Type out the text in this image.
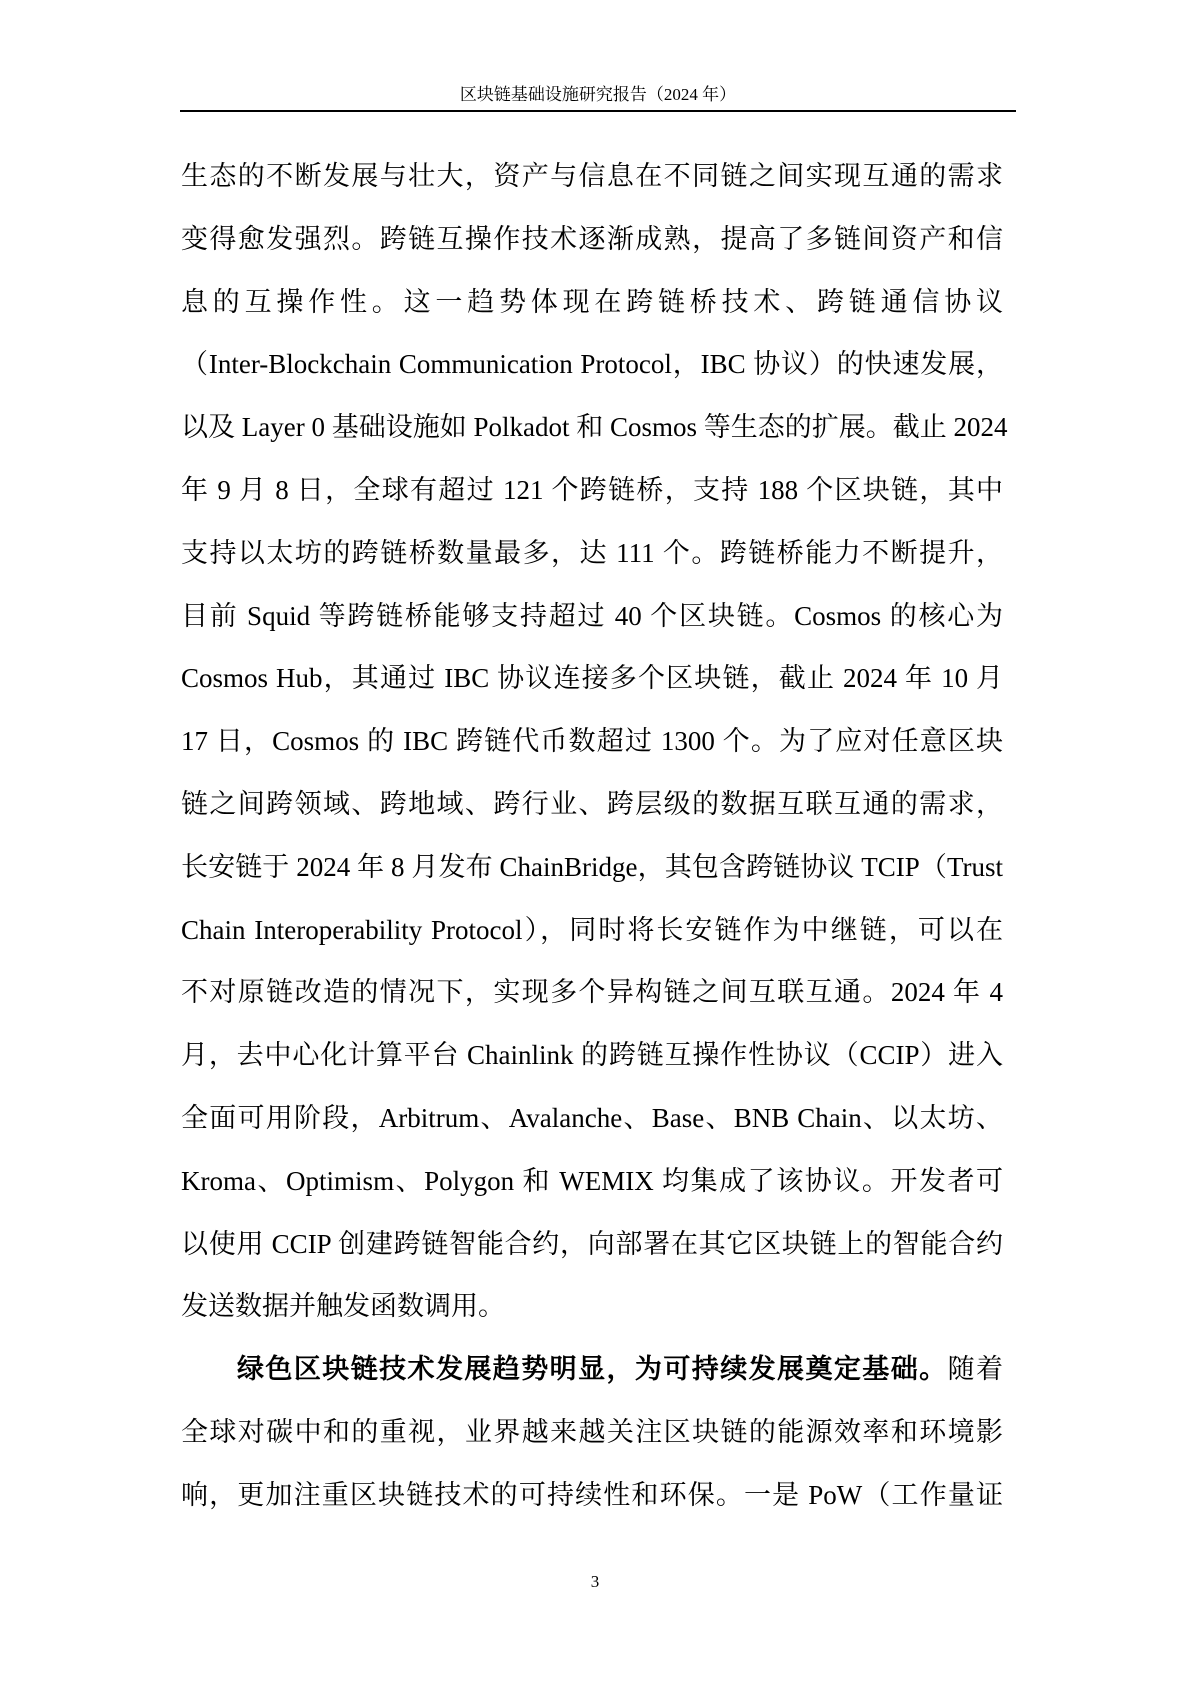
区块链基础设施研究报告（2024 年）
生态的不断发展与壮大，资产与信息在不同链之间实现互通的需求
变得愈发强烈。跨链互操作技术逐渐成熟，提高了多链间资产和信
息的互操作性。这一趋势体现在跨链桥技术、跨链通信协议
（Inter-Blockchain Communication Protocol，IBC 协议）的快速发展，
以及 Layer 0 基础设施如 Polkadot 和 Cosmos 等生态的扩展。截止 2024
年 9 月 8 日，全球有超过 121 个跨链桥，支持 188 个区块链，其中
支持以太坊的跨链桥数量最多，达 111 个。跨链桥能力不断提升，
目前 Squid 等跨链桥能够支持超过 40 个区块链。Cosmos 的核心为
Cosmos Hub，其通过 IBC 协议连接多个区块链，截止 2024 年 10 月
17 日，Cosmos 的 IBC 跨链代币数超过 1300 个。为了应对任意区块
链之间跨领域、跨地域、跨行业、跨层级的数据互联互通的需求，
长安链于 2024 年 8 月发布 ChainBridge，其包含跨链协议 TCIP（Trust
Chain Interoperability Protocol），同时将长安链作为中继链，可以在
不对原链改造的情况下，实现多个异构链之间互联互通。2024 年 4
月，去中心化计算平台 Chainlink 的跨链互操作性协议（CCIP）进入
全面可用阶段，Arbitrum、Avalanche、Base、BNB Chain、以太坊、
Kroma、Optimism、Polygon 和 WEMIX 均集成了该协议。开发者可
以使用 CCIP 创建跨链智能合约，向部署在其它区块链上的智能合约
发送数据并触发函数调用。
绿色区块链技术发展趋势明显，为可持续发展奠定基础。随着
全球对碳中和的重视，业界越来越关注区块链的能源效率和环境影
响，更加注重区块链技术的可持续性和环保。一是 PoW（工作量证
3
